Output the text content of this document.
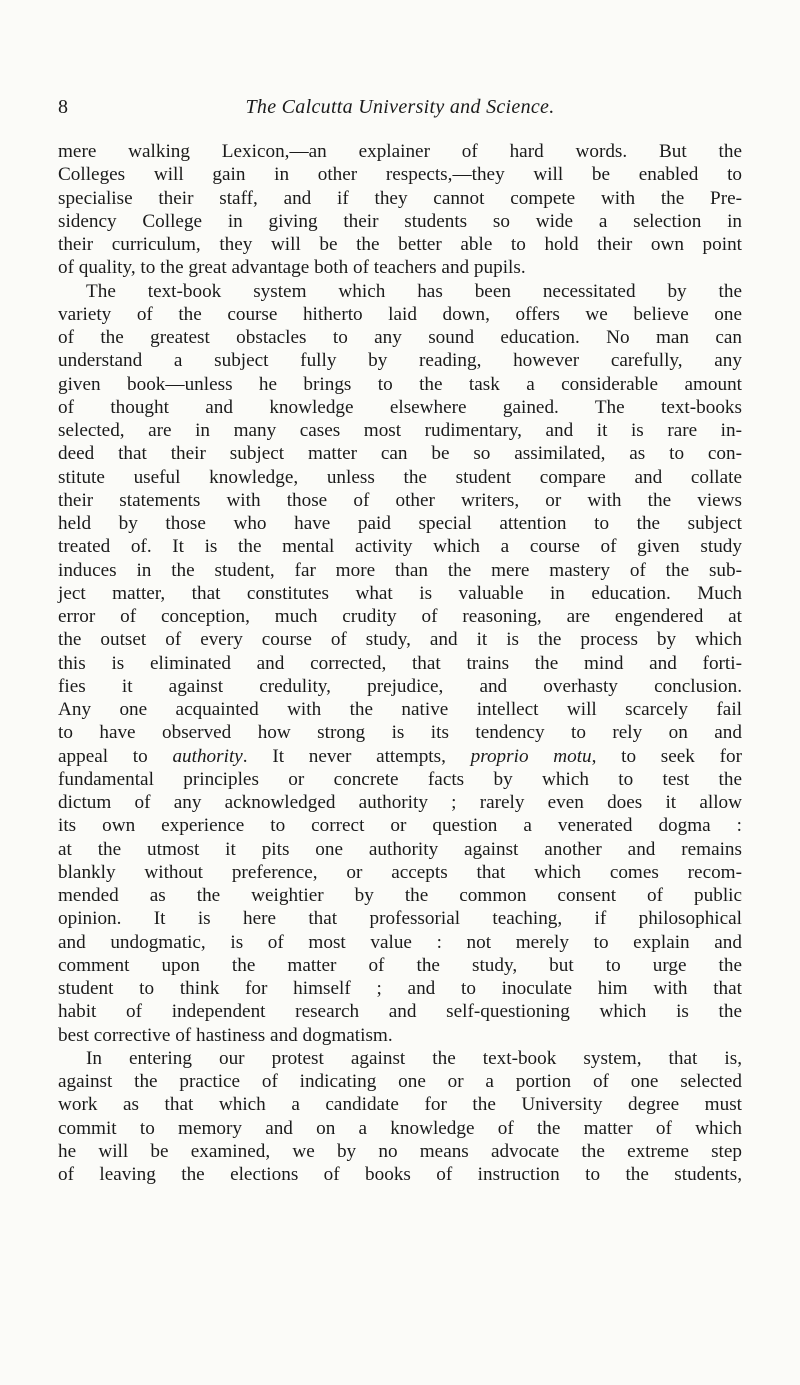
8	The Calcutta University and Science.
mere walking Lexicon,—an explainer of hard words. But the
Colleges will gain in other respects,—they will be enabled to
specialise their staff, and if they cannot compete with the Pre-
sidency College in giving their students so wide a selection in
their curriculum, they will be the better able to hold their own point
of quality, to the great advantage both of teachers and pupils.
The text-book system which has been necessitated by the
variety of the course hitherto laid down, offers we believe one
of the greatest obstacles to any sound education. No man can
understand a subject fully by reading, however carefully, any
given book—unless he brings to the task a considerable amount
of thought and knowledge elsewhere gained. The text-books
selected, are in many cases most rudimentary, and it is rare in-
deed that their subject matter can be so assimilated, as to con-
stitute useful knowledge, unless the student compare and collate
their statements with those of other writers, or with the views
held by those who have paid special attention to the subject
treated of. It is the mental activity which a course of given study
induces in the student, far more than the mere mastery of the sub-
ject matter, that constitutes what is valuable in education. Much
error of conception, much crudity of reasoning, are engendered at
the outset of every course of study, and it is the process by which
this is eliminated and corrected, that trains the mind and forti-
fies it against credulity, prejudice, and overhasty conclusion.
Any one acquainted with the native intellect will scarcely fail
to have observed how strong is its tendency to rely on and
appeal to authority. It never attempts, proprio motu, to seek for
fundamental principles or concrete facts by which to test the
dictum of any acknowledged authority ; rarely even does it allow
its own experience to correct or question a venerated dogma :
at the utmost it pits one authority against another and remains
blankly without preference, or accepts that which comes recom-
mended as the weightier by the common consent of public
opinion. It is here that professorial teaching, if philosophical
and undogmatic, is of most value : not merely to explain and
comment upon the matter of the study, but to urge the
student to think for himself ; and to inoculate him with that
habit of independent research and self-questioning which is the
best corrective of hastiness and dogmatism.
In entering our protest against the text-book system, that is,
against the practice of indicating one or a portion of one selected
work as that which a candidate for the University degree must
commit to memory and on a knowledge of the matter of which
he will be examined, we by no means advocate the extreme step
of leaving the elections of books of instruction to the students,
